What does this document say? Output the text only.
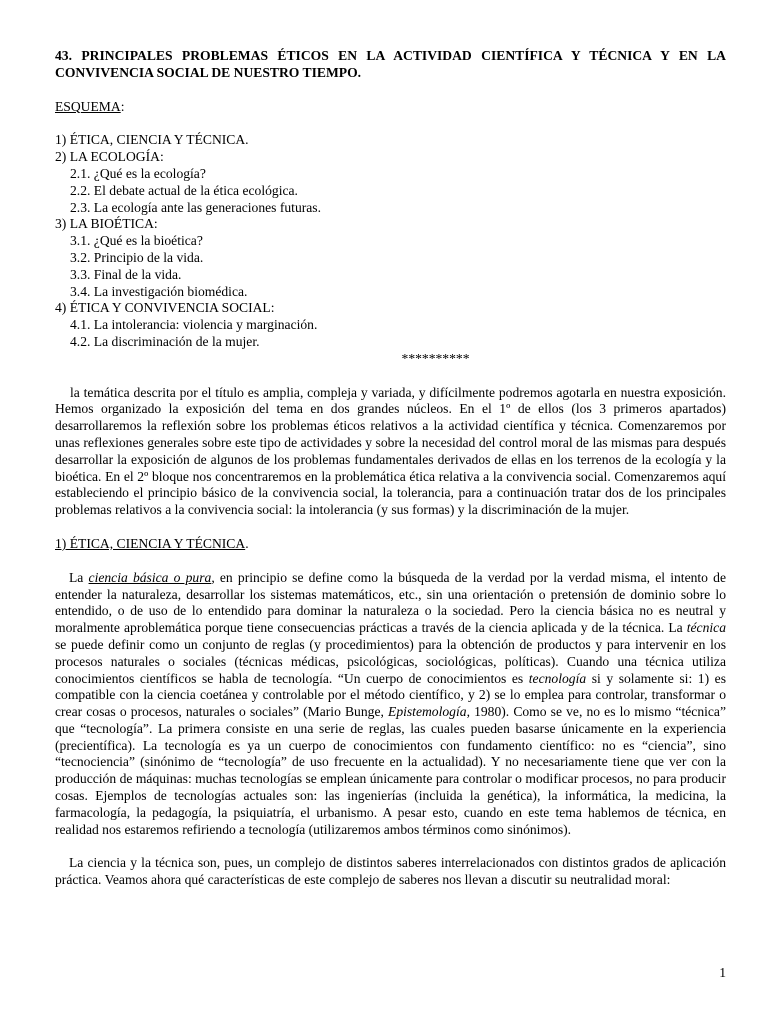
43. PRINCIPALES PROBLEMAS ÉTICOS EN LA ACTIVIDAD CIENTÍFICA Y TÉCNICA Y EN LA CONVIVENCIA SOCIAL DE NUESTRO TIEMPO.

ESQUEMA:
1) ÉTICA, CIENCIA Y TÉCNICA.
2) LA ECOLOGÍA:
2.1. ¿Qué es la ecología?
2.2. El debate actual de la ética ecológica.
2.3. La ecología ante las generaciones futuras.
3) LA BIOÉTICA:
3.1. ¿Qué es la bioética?
3.2. Principio de la vida.
3.3. Final de la vida.
3.4. La investigación biomédica.
4) ÉTICA Y CONVIVENCIA SOCIAL:
4.1. La intolerancia: violencia y marginación.
4.2. La discriminación de la mujer.
**********

la temática descrita por el título es amplia, compleja y variada, y difícilmente podremos agotarla en nuestra exposición. Hemos organizado la exposición del tema en dos grandes núcleos. En el 1º de ellos (los 3 primeros apartados) desarrollaremos la reflexión sobre los problemas éticos relativos a la actividad científica y técnica. Comenzaremos por unas reflexiones generales sobre este tipo de actividades y sobre la necesidad del control moral de las mismas para después desarrollar la exposición de algunos de los problemas fundamentales derivados de ellas en los terrenos de la ecología y la bioética. En el 2º bloque nos concentraremos en la problemática ética relativa a la convivencia social. Comenzaremos aquí estableciendo el principio básico de la convivencia social, la tolerancia, para a continuación tratar dos de los principales problemas relativos a la convivencia social: la intolerancia (y sus formas) y la discriminación de la mujer.

1) ÉTICA, CIENCIA Y TÉCNICA.

La ciencia básica o pura, en principio se define como la búsqueda de la verdad por la verdad misma, el intento de entender la naturaleza, desarrollar los sistemas matemáticos, etc., sin una orientación o pretensión de dominio sobre lo entendido, o de uso de lo entendido para dominar la naturaleza o la sociedad. Pero la ciencia básica no es neutral y moralmente aproblemática porque tiene consecuencias prácticas a través de la ciencia aplicada y de la técnica. La técnica se puede definir como un conjunto de reglas (y procedimientos) para la obtención de productos y para intervenir en los procesos naturales o sociales (técnicas médicas, psicológicas, sociológicas, políticas). Cuando una técnica utiliza conocimientos científicos se habla de tecnología. “Un cuerpo de conocimientos es tecnología si y solamente si: 1) es compatible con la ciencia coetánea y controlable por el método científico, y 2) se lo emplea para controlar, transformar o crear cosas o procesos, naturales o sociales” (Mario Bunge, Epistemología, 1980). Como se ve, no es lo mismo “técnica” que “tecnología”. La primera consiste en una serie de reglas, las cuales pueden basarse únicamente en la experiencia (precientífica). La tecnología es ya un cuerpo de conocimientos con fundamento científico: no es “ciencia”, sino “tecnociencia” (sinónimo de “tecnología” de uso frecuente en la actualidad). Y no necesariamente tiene que ver con la producción de máquinas: muchas tecnologías se emplean únicamente para controlar o modificar procesos, no para producir cosas. Ejemplos de tecnologías actuales son: las ingenierías (incluida la genética), la informática, la medicina, la farmacología, la pedagogía, la psiquiatría, el urbanismo. A pesar esto, cuando en este tema hablemos de técnica, en realidad nos estaremos refiriendo a tecnología (utilizaremos ambos términos como sinónimos).

La ciencia y la técnica son, pues, un complejo de distintos saberes interrelacionados con distintos grados de aplicación práctica. Veamos ahora qué características de este complejo de saberes nos llevan a discutir su neutralidad moral:

1
